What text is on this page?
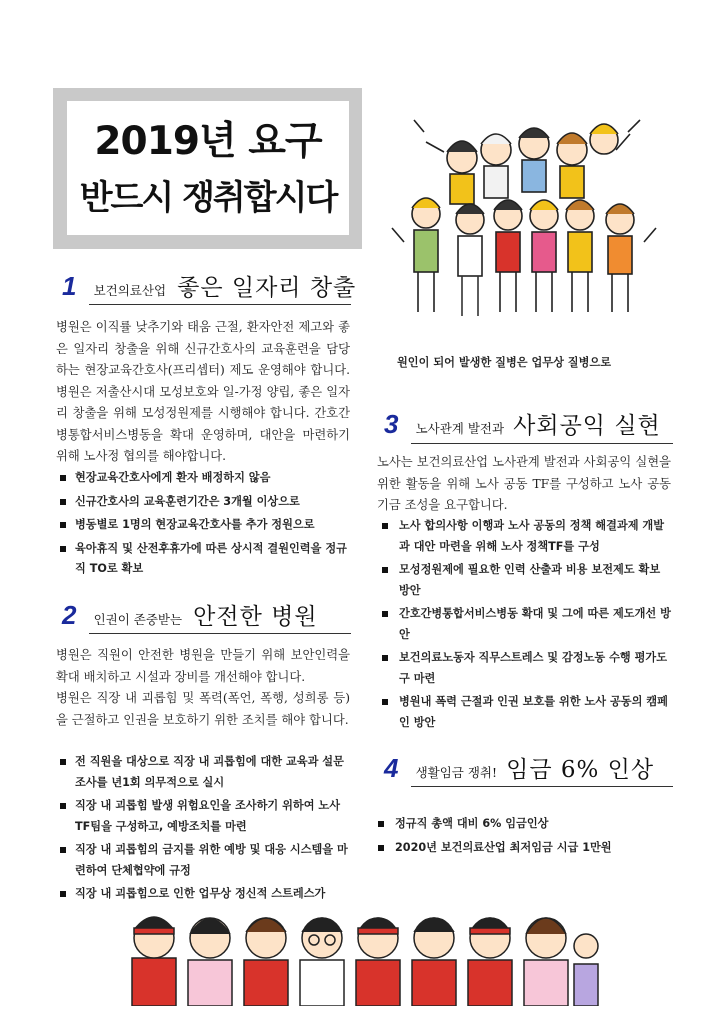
2019년 요구
반드시 쟁취합시다
원인이 되어 발생한 질병은 업무상 질병으로
1 보건의료산업 좋은 일자리 창출
병원은 이직률 낮추기와 태움 근절, 환자안전 제고와 좋은 일자리 창출을 위해 신규간호사의 교육훈련을 담당하는 현장교육간호사(프리셉터) 제도 운영해야 합니다. 병원은 저출산시대 모성보호와 일-가정 양립, 좋은 일자리 창출을 위해 모성정원제를 시행해야 합니다. 간호간병통합서비스병동을 확대 운영하며, 대안을 마련하기 위해 노사정 협의를 해야합니다.
현장교육간호사에게 환자 배정하지 않음
신규간호사의 교육훈련기간은 3개월 이상으로
병동별로 1명의 현장교육간호사를 추가 정원으로
육아휴직 및 산전후휴가에 따른 상시적 결원인력을 정규직 TO로 확보
2 인권이 존중받는 안전한 병원
병원은 직원이 안전한 병원을 만들기 위해 보안인력을 확대 배치하고 시설과 장비를 개선해야 합니다.
병원은 직장 내 괴롭힘 및 폭력(폭언, 폭행, 성희롱 등)을 근절하고 인권을 보호하기 위한 조치를 해야 합니다.
전 직원을 대상으로 직장 내 괴롭힘에 대한 교육과 설문조사를 년1회 의무적으로 실시
직장 내 괴롭힘 발생 위험요인을 조사하기 위하여 노사 TF팀을 구성하고, 예방조치를 마련
직장 내 괴롭힘의 금지를 위한 예방 및 대응 시스템을 마련하여 단체협약에 규정
직장 내 괴롭힘으로 인한 업무상 정신적 스트레스가
3 노사관계 발전과 사회공익 실현
노사는 보건의료산업 노사관계 발전과 사회공익 실현을 위한 활동을 위해 노사 공동 TF를 구성하고 노사 공동기금 조성을 요구합니다.
노사 합의사항 이행과 노사 공동의 정책 해결과제 개발과 대안 마련을 위해 노사 정책TF를 구성
모성정원제에 필요한 인력 산출과 비용 보전제도 확보 방안
간호간병통합서비스병동 확대 및 그에 따른 제도개선 방안
보건의료노동자 직무스트레스 및 감정노동 수행 평가도구 마련
병원내 폭력 근절과 인권 보호를 위한 노사 공동의 캠페인 방안
4 생활임금 쟁취! 임금 6% 인상
정규직 총액 대비 6% 임금인상
2020년 보건의료산업 최저임금 시급 1만원
